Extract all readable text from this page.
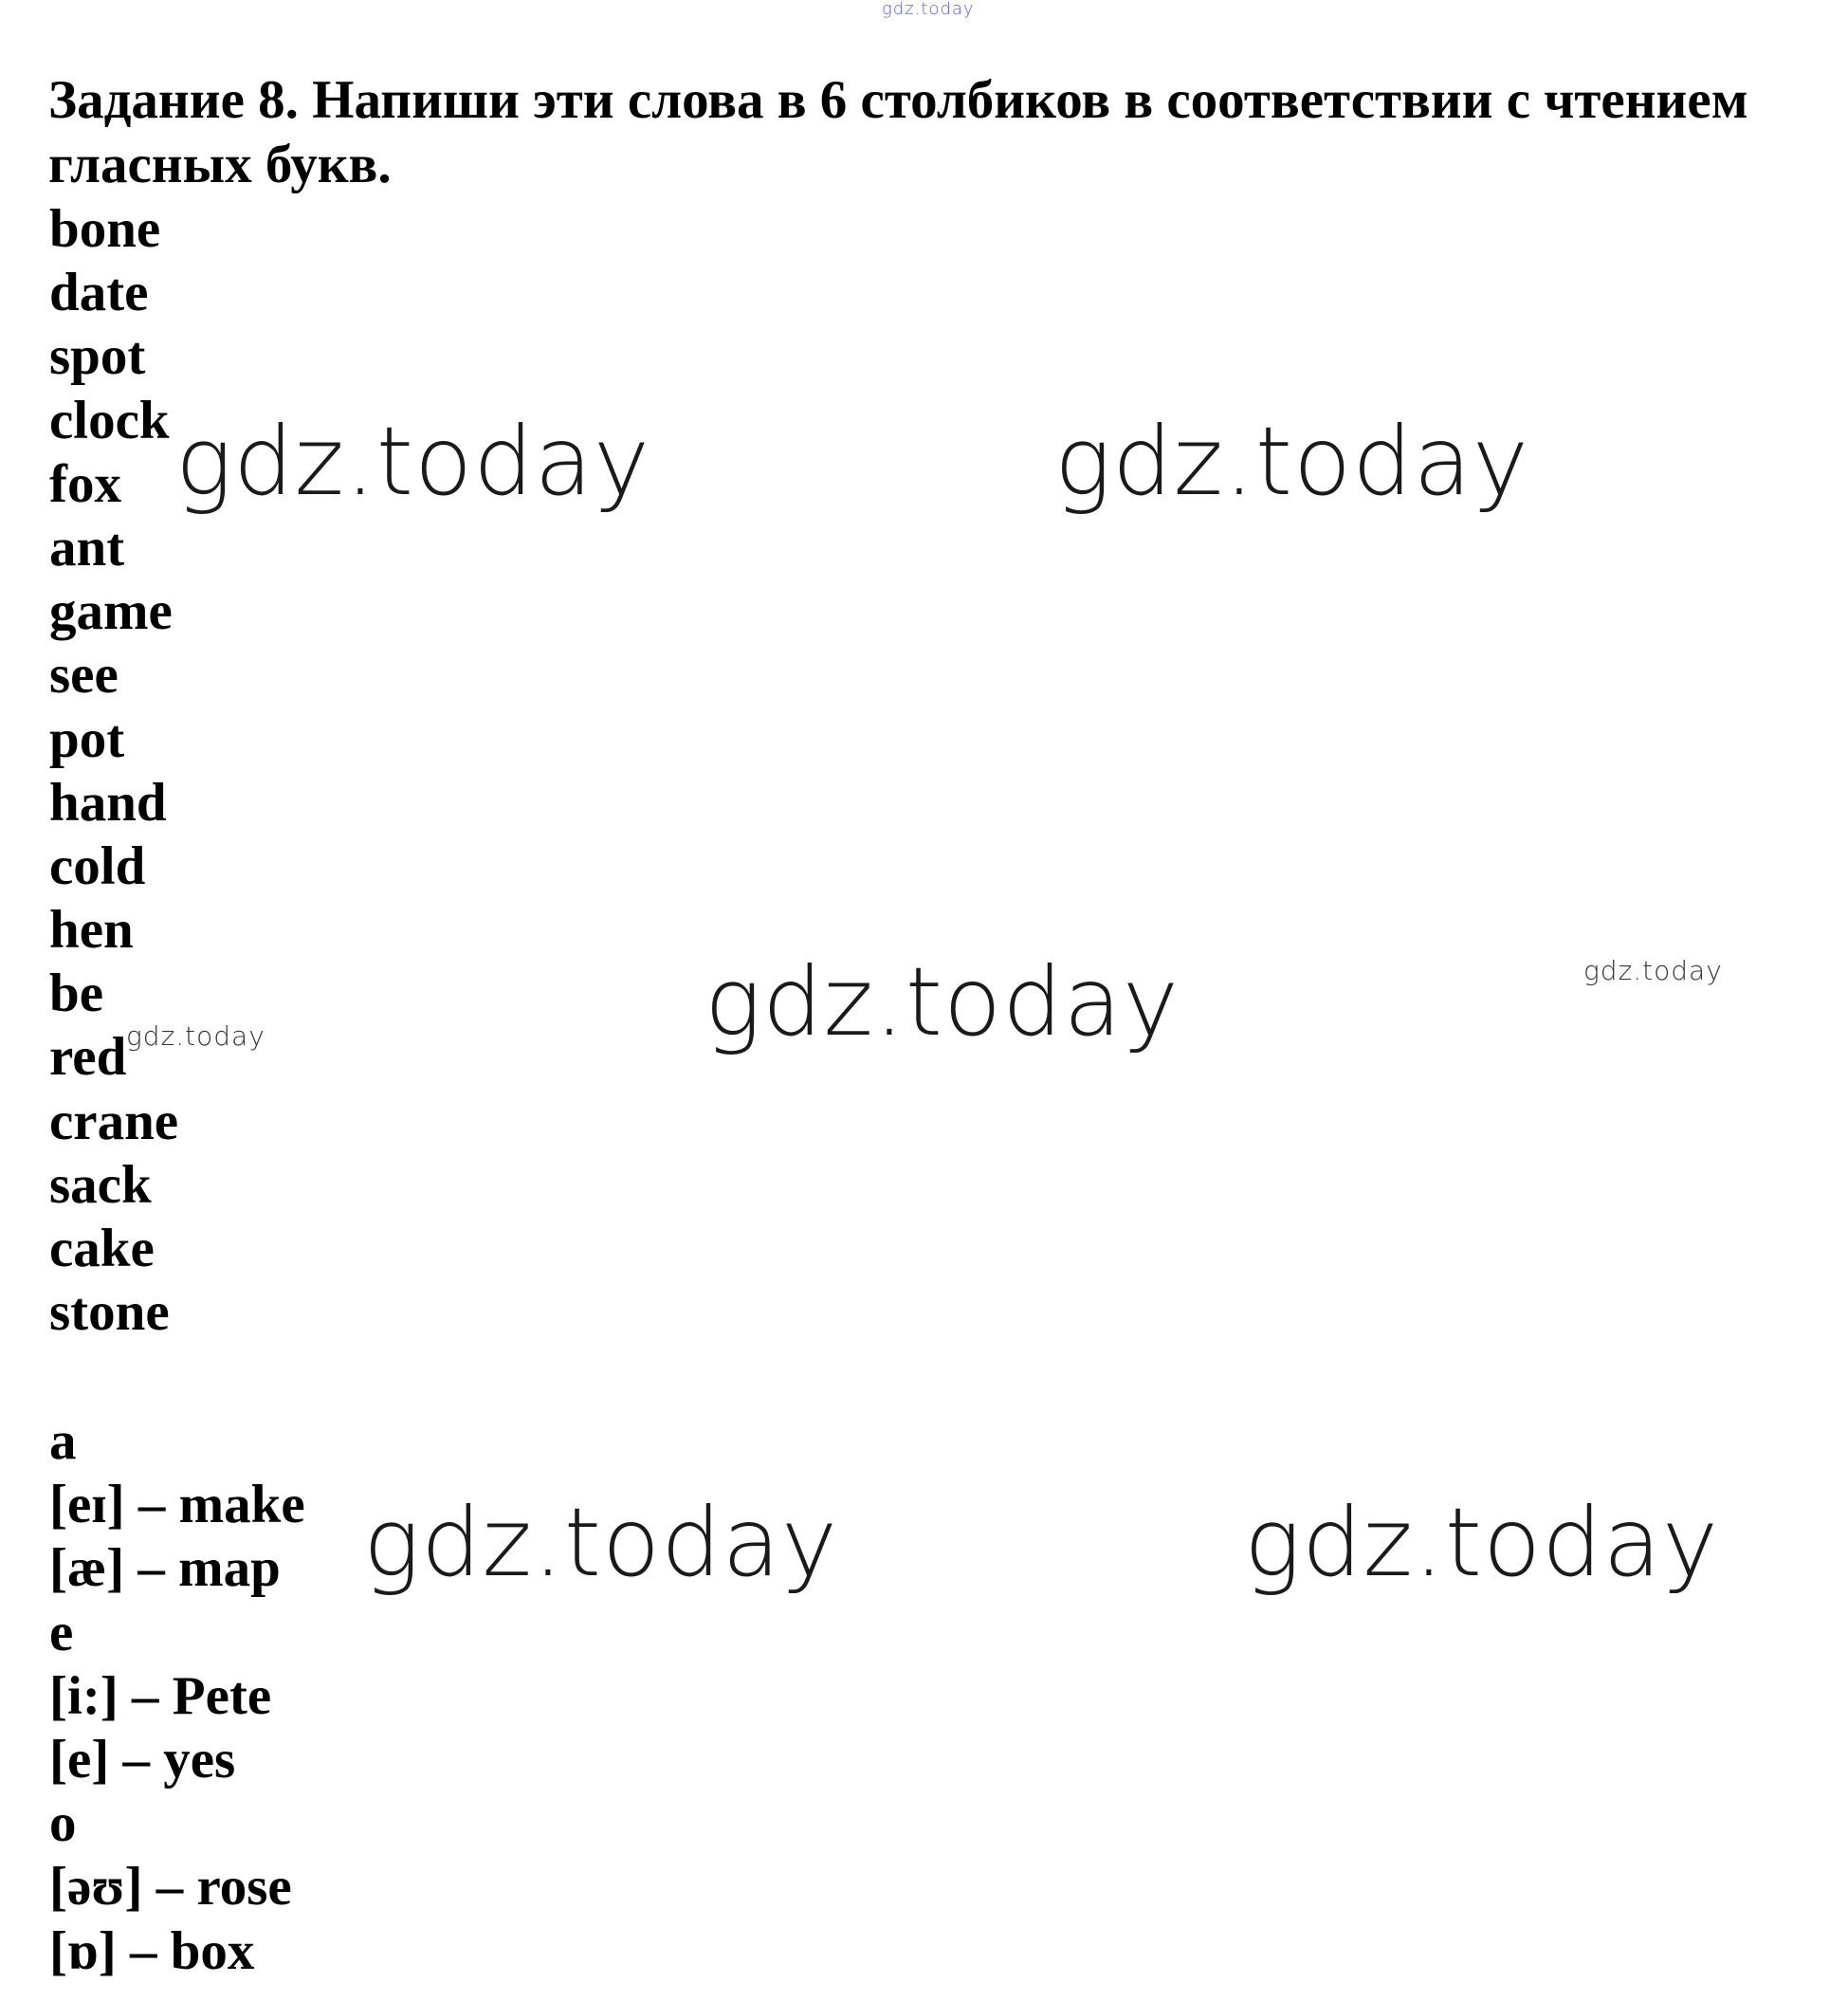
Задание 8. Напиши эти слова в 6 столбиков в соответствии с чтением гласных букв.
bone
date
spot
clock
fox
ant
game
see
pot
hand
cold
hen
be
red
crane
sack
cake
stone
a
[eɪ] – make
[æ] – map
e
[i:] – Pete
[e] – yes
o
[əʊ] – rose
[ɒ] – box
gdz.today
gdz.today	gdz.today
gdz.today	gdz.today
gdz.today
gdz.today	gdz.today
